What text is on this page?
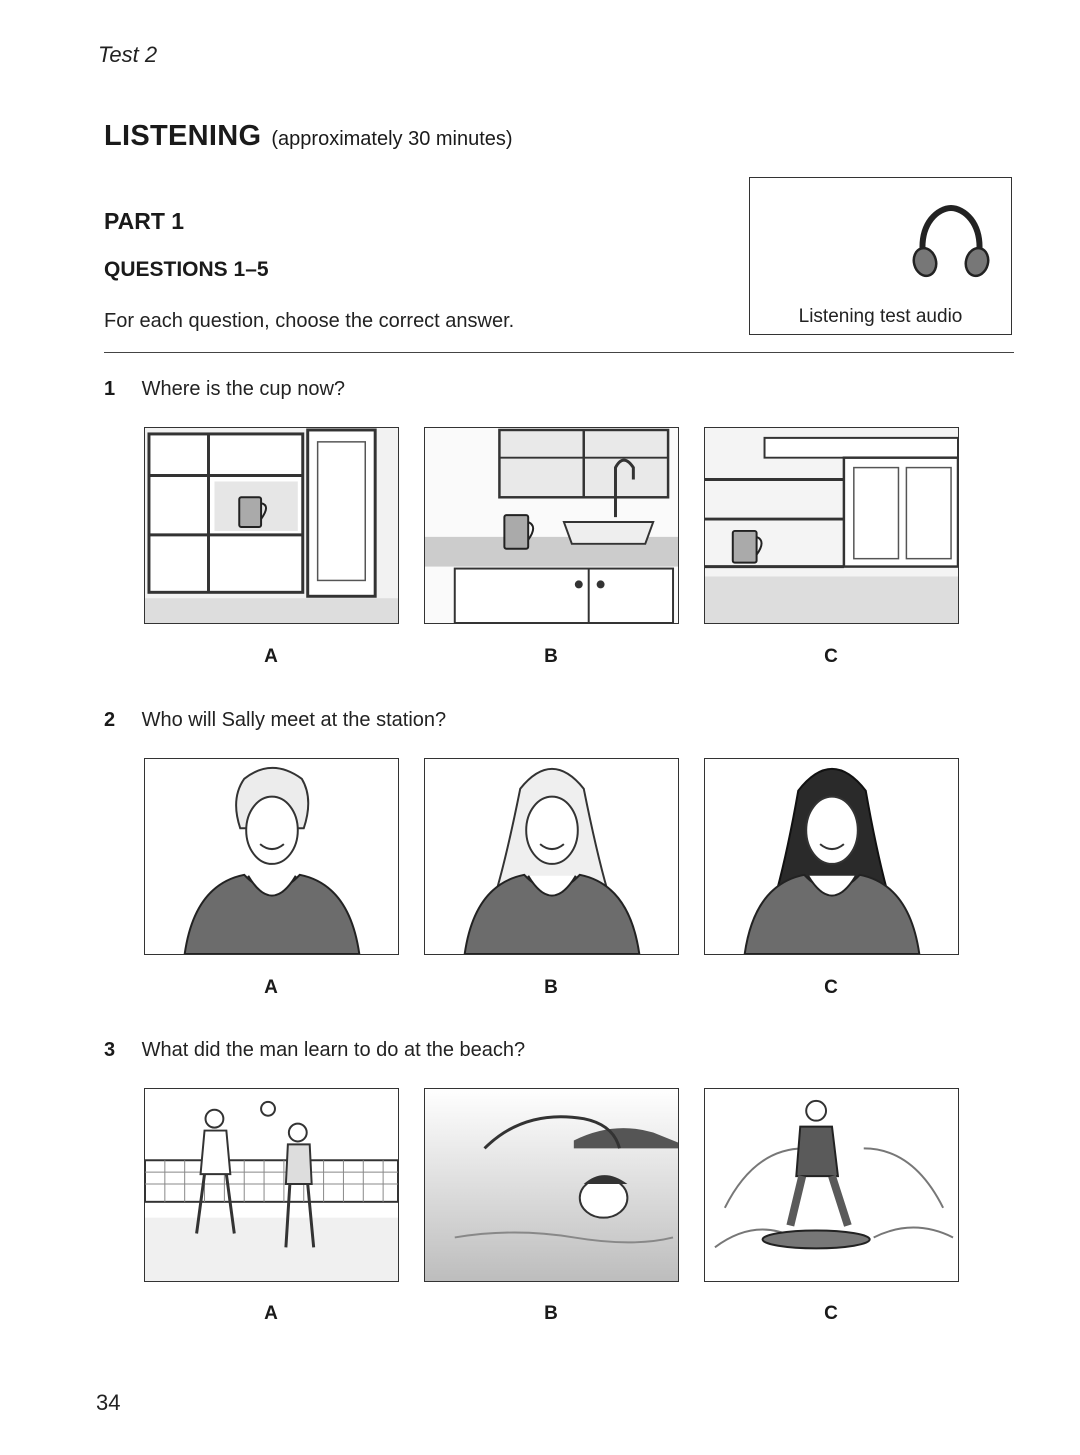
Test 2
LISTENING (approximately 30 minutes)
PART 1
QUESTIONS 1–5
For each question, choose the correct answer.	Listening test audio
1 Where is the cup now?
A	B	C
2 Who will Sally meet at the station?
A	B	C
3 What did the man learn to do at the beach?
A	B	C
34
